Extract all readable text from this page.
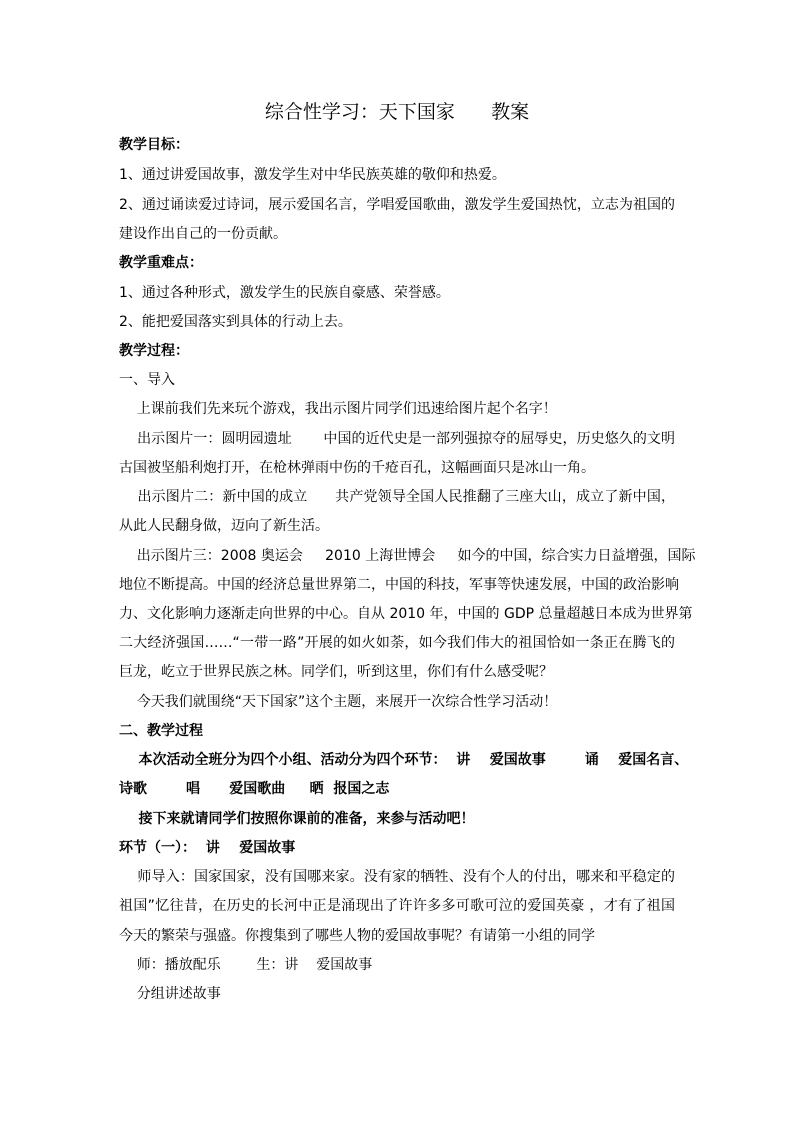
综合性学习：天下国家      教案
教学目标：
1、通过讲爱国故事，激发学生对中华民族英雄的敬仰和热爱。
2、通过诵读爱过诗词，展示爱国名言，学唱爱国歌曲，激发学生爱国热忱，立志为祖国的
建设作出自己的一份贡献。
教学重难点：
1、通过各种形式，激发学生的民族自豪感、荣誉感。
2、能把爱国落实到具体的行动上去。
教学过程：
一、导入
上课前我们先来玩个游戏，我出示图片同学们迅速给图片起个名字！
出示图片一：圆明园遗址       中国的近代史是一部列强掠夺的屈辱史，历史悠久的文明
古国被坚船利炮打开，在枪林弹雨中伤的千疮百孔，这幅画面只是冰山一角。
出示图片二：新中国的成立      共产党领导全国人民推翻了三座大山，成立了新中国，
从此人民翻身做，迈向了新生活。
出示图片三：2008 奥运会     2010 上海世博会     如今的中国，综合实力日益增强，国际
地位不断提高。中国的经济总量世界第二，中国的科技，军事等快速发展，中国的政治影响
力、文化影响力逐渐走向世界的中心。自从 2010 年，中国的 GDP 总量超越日本成为世界第
二大经济强国……“一带一路”开展的如火如荼，如今我们伟大的祖国恰如一条正在腾飞的
巨龙，屹立于世界民族之林。同学们，听到这里，你们有什么感受呢？
今天我们就围绕“天下国家”这个主题，来展开一次综合性学习活动！
二、教学过程
本次活动全班分为四个小组、活动分为四个环节：  讲    爱国故事        诵    爱国名言、
诗歌        唱      爱国歌曲     晒  报国之志
接下来就请同学们按照你课前的准备，来参与活动吧！
环节（一）：  讲    爱国故事
师导入：国家国家，没有国哪来家。没有家的牺牲、没有个人的付出，哪来和平稳定的
祖国”忆往昔，在历史的长河中正是涌现出了许许多多可歌可泣的爱国英豪 ，才有了祖国
今天的繁荣与强盛。你搜集到了哪些人物的爱国故事呢？有请第一小组的同学
师：播放配乐        生：讲    爱国故事
分组讲述故事
